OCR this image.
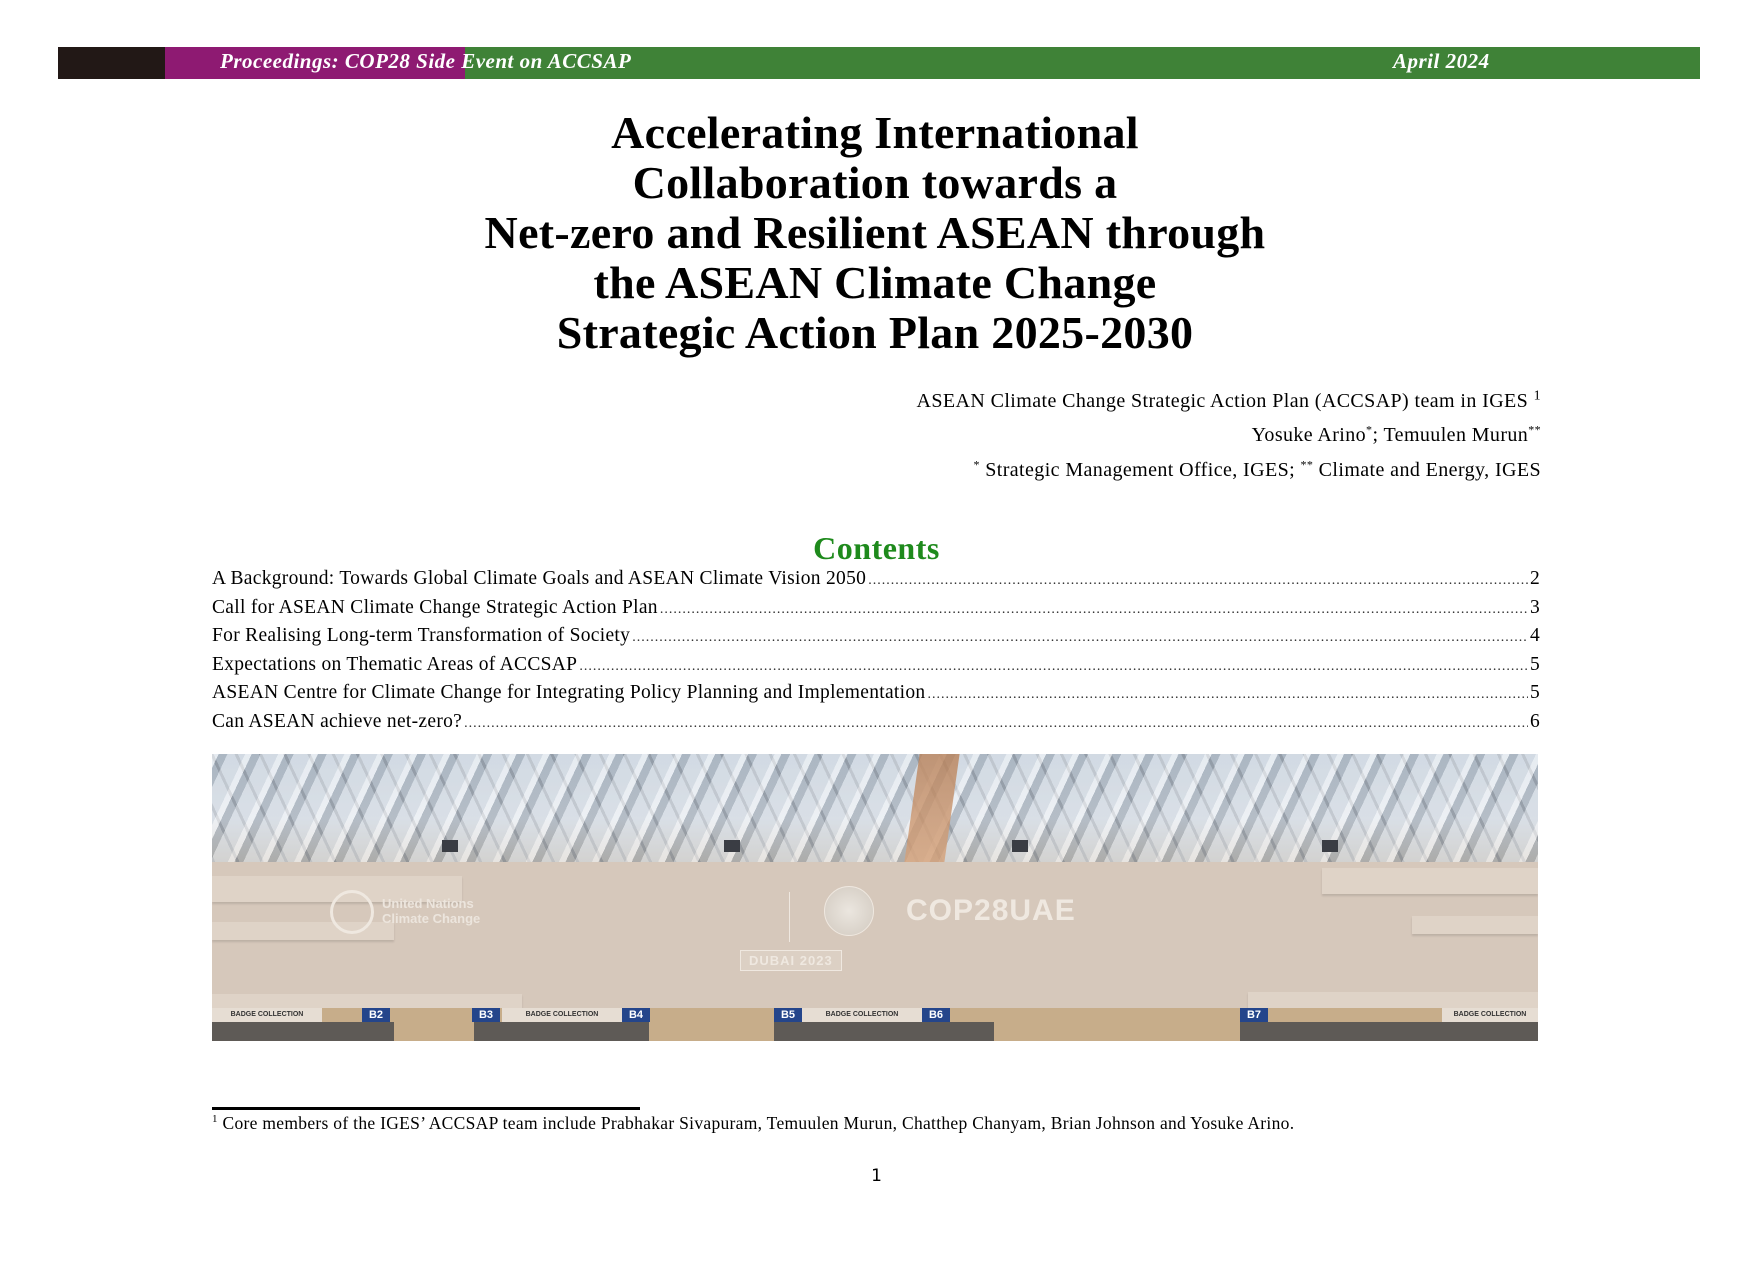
Proceedings: COP28 Side Event on ACCSAP	April 2024
Accelerating International
Collaboration towards a
Net-zero and Resilient ASEAN through
the ASEAN Climate Change
Strategic Action Plan 2025-2030
ASEAN Climate Change Strategic Action Plan (ACCSAP) team in IGES $^1$
Yosuke Arino*; Temuulen Murun**
* Strategic Management Office, IGES; ** Climate and Energy, IGES
Contents
A Background: Towards Global Climate Goals and ASEAN Climate Vision 2050 .....	2
Call for ASEAN Climate Change Strategic Action Plan .....	3
For Realising Long-term Transformation of Society .....	4
Expectations on Thematic Areas of ACCSAP .....	5
ASEAN Centre for Climate Change for Integrating Policy Planning and Implementation .....	5
Can ASEAN achieve net-zero? .....	6
United Nations
Climate Change	COP28UAE
DUBAI 2023
BADGE COLLECTION	B2	B3	BADGE COLLECTION	B4	B5	BADGE COLLECTION	B6	B7	BADGE COLLECTION
$^1$ Core members of the IGES’ ACCSAP team include Prabhakar Sivapuram, Temuulen Murun, Chatthep Chanyam, Brian Johnson and Yosuke Arino.
1
